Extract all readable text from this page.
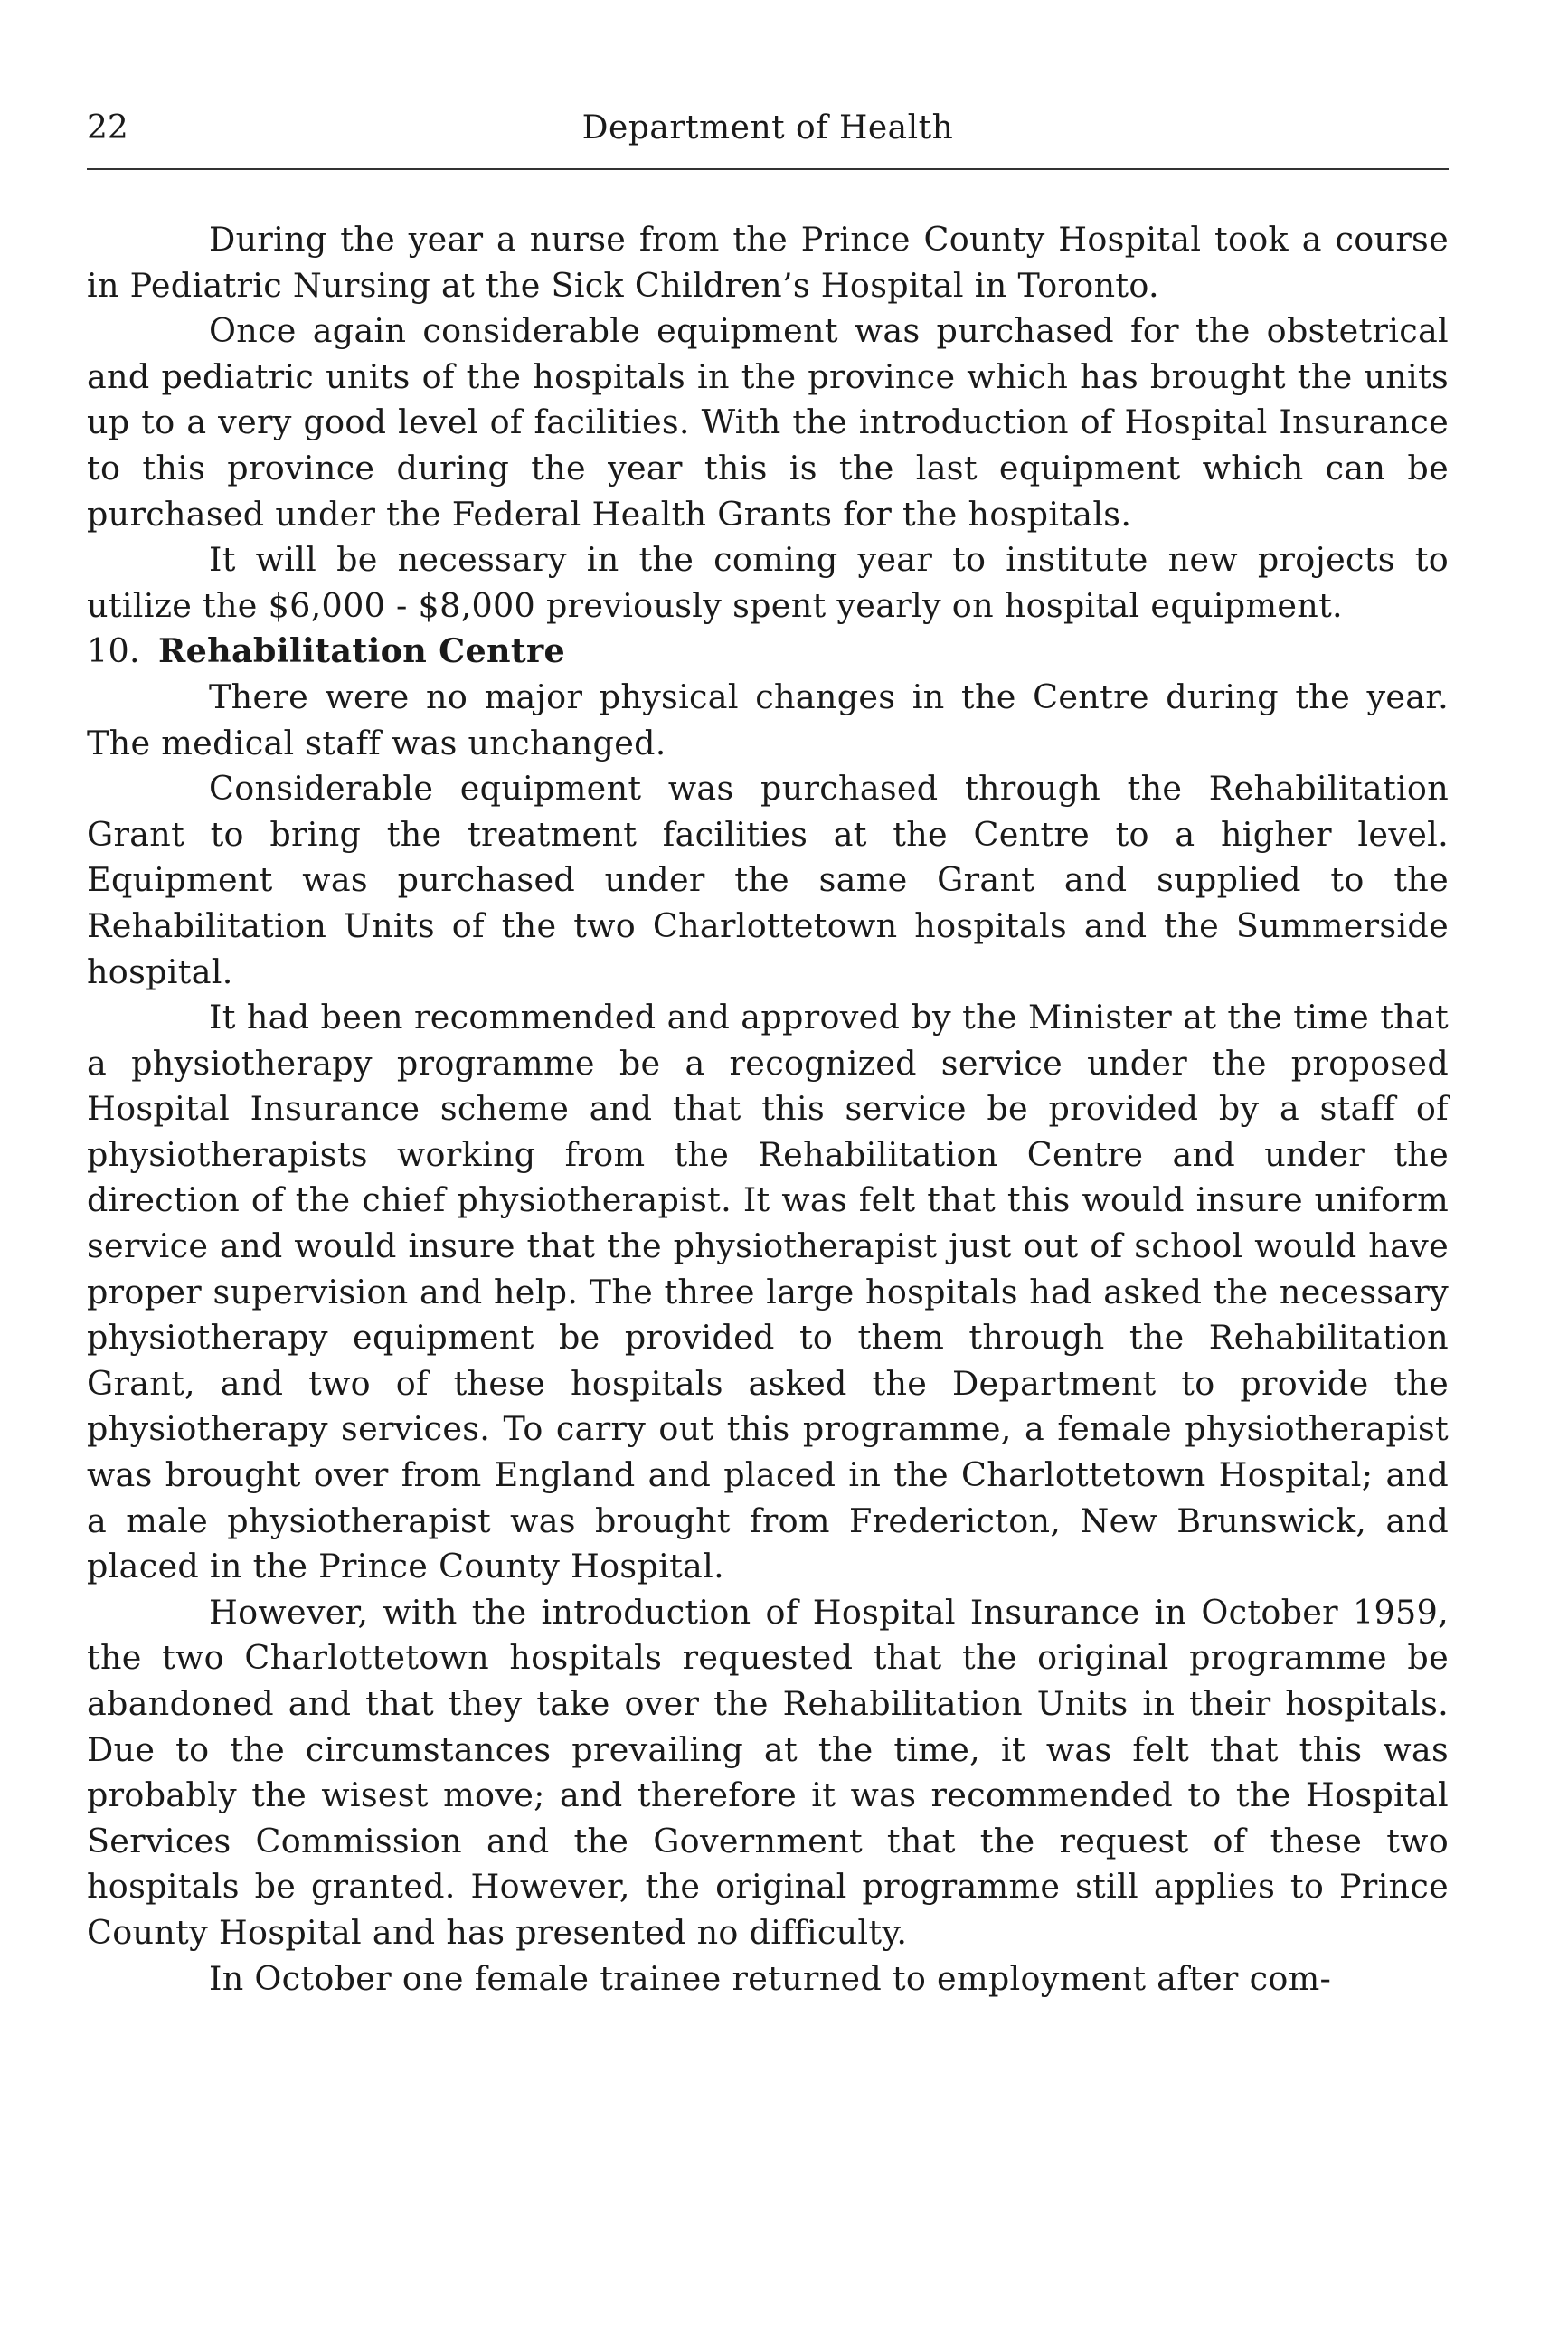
22	Department of Health

During the year a nurse from the Prince County Hospital took a course in Pediatric Nursing at the Sick Children’s Hospital in Toronto.

Once again considerable equipment was purchased for the obstetrical and pediatric units of the hospitals in the province which has brought the units up to a very good level of facilities. With the introduction of Hospital Insurance to this province during the year this is the last equipment which can be purchased under the Federal Health Grants for the hospitals.

It will be necessary in the coming year to institute new projects to utilize the $6,000 - $8,000 previously spent yearly on hospital equipment.

10. Rehabilitation Centre

There were no major physical changes in the Centre during the year. The medical staff was unchanged.

Considerable equipment was purchased through the Rehabilitation Grant to bring the treatment facilities at the Centre to a higher level. Equipment was purchased under the same Grant and supplied to the Rehabilitation Units of the two Charlottetown hospitals and the Summerside hospital.

It had been recommended and approved by the Minister at the time that a physiotherapy programme be a recognized service under the proposed Hospital Insurance scheme and that this service be provided by a staff of physiotherapists working from the Rehabilitation Centre and under the direction of the chief physiotherapist. It was felt that this would insure uniform service and would insure that the physiotherapist just out of school would have proper supervision and help. The three large hospitals had asked the necessary physiotherapy equipment be provided to them through the Rehabilitation Grant, and two of these hospitals asked the Department to provide the physiotherapy services. To carry out this programme, a female physiotherapist was brought over from England and placed in the Charlottetown Hospital; and a male physiotherapist was brought from Fredericton, New Brunswick, and placed in the Prince County Hospital.

However, with the introduction of Hospital Insurance in October 1959, the two Charlottetown hospitals requested that the original programme be abandoned and that they take over the Rehabilitation Units in their hospitals. Due to the circumstances prevailing at the time, it was felt that this was probably the wisest move; and therefore it was recommended to the Hospital Services Commission and the Government that the request of these two hospitals be granted. However, the original programme still applies to Prince County Hospital and has presented no difficulty.

In October one female trainee returned to employment after com-
